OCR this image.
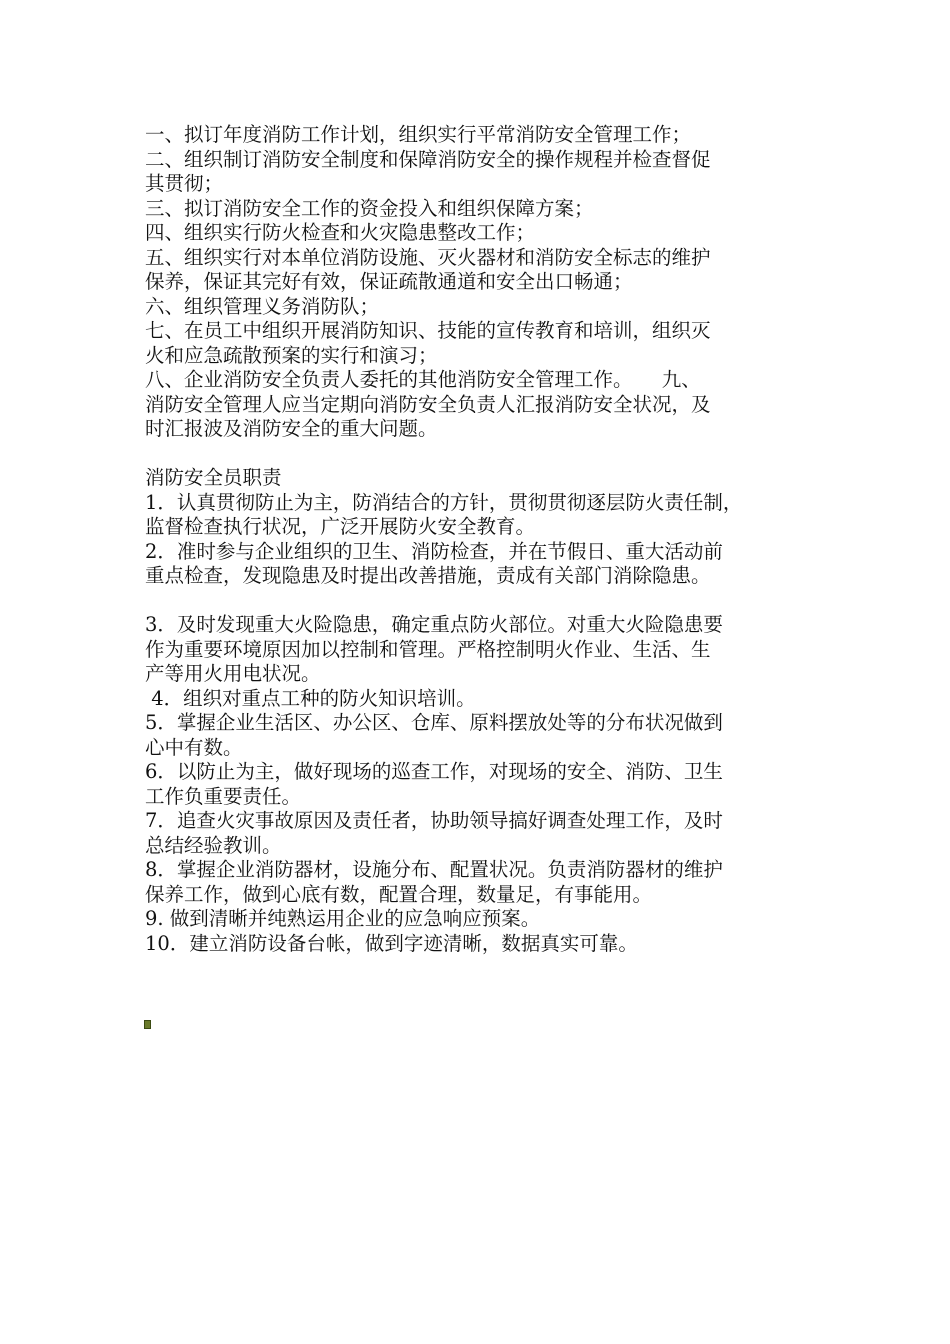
一、拟订年度消防工作计划，组织实行平常消防安全管理工作；
二、组织制订消防安全制度和保障消防安全的操作规程并检查督促
其贯彻；
三、拟订消防安全工作的资金投入和组织保障方案；
四、组织实行防火检查和火灾隐患整改工作；
五、组织实行对本单位消防设施、灭火器材和消防安全标志的维护
保养，保证其完好有效，保证疏散通道和安全出口畅通；
六、组织管理义务消防队；
七、在员工中组织开展消防知识、技能的宣传教育和培训，组织灭
火和应急疏散预案的实行和演习；
八、企业消防安全负责人委托的其他消防安全管理工作。　　九、
消防安全管理人应当定期向消防安全负责人汇报消防安全状况，及
时汇报波及消防安全的重大问题。
消防安全员职责
1．认真贯彻防止为主，防消结合的方针，贯彻贯彻逐层防火责任制，
监督检查执行状况，广泛开展防火安全教育。
2．准时参与企业组织的卫生、消防检查，并在节假日、重大活动前
重点检查，发现隐患及时提出改善措施，责成有关部门消除隐患。
3．及时发现重大火险隐患，确定重点防火部位。对重大火险隐患要
作为重要环境原因加以控制和管理。严格控制明火作业、生活、生
产等用火用电状况。
4．组织对重点工种的防火知识培训。
5．掌握企业生活区、办公区、仓库、原料摆放处等的分布状况做到
心中有数。
6．以防止为主，做好现场的巡查工作，对现场的安全、消防、卫生
工作负重要责任。
7．追查火灾事故原因及责任者，协助领导搞好调查处理工作，及时
总结经验教训。
8．掌握企业消防器材，设施分布、配置状况。负责消防器材的维护
保养工作，做到心底有数，配置合理，数量足，有事能用。
9. 做到清晰并纯熟运用企业的应急响应预案。
10．建立消防设备台帐，做到字迹清晰，数据真实可靠。
